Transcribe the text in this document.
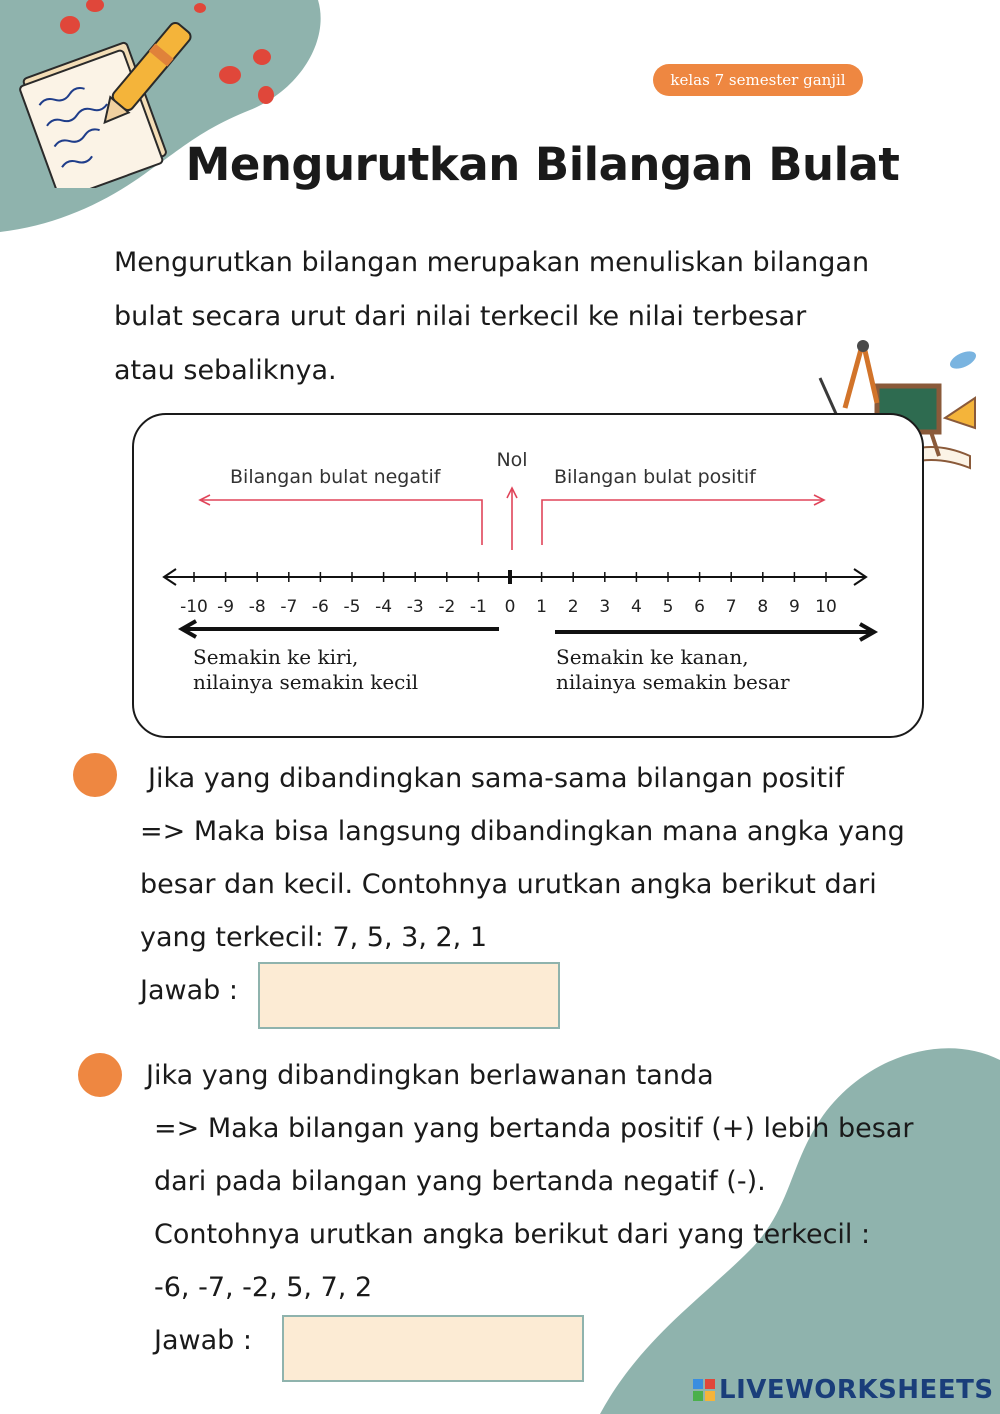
kelas 7 semester ganjil
Mengurutkan Bilangan Bulat

Mengurutkan bilangan merupakan menuliskan bilangan

bulat secara urut dari nilai terkecil ke nilai terbesar

atau sebaliknya.

Nol
Bilangan bulat negatif	Bilangan bulat positif
-10 -9 -8 -7 -6 -5 -4 -3 -2 -1 0 1 2 3 4 5 6 7 8 9 10

Semakin ke kiri,

nilainya semakin kecil

Semakin ke kanan,

nilainya semakin besar

Jika yang dibandingkan sama-sama bilangan positif

=> Maka bisa langsung dibandingkan mana angka yang

besar dan kecil. Contohnya urutkan angka berikut dari

yang terkecil: 7, 5, 3, 2, 1

Jawab :

Jika yang dibandingkan berlawanan tanda

=> Maka bilangan yang bertanda positif (+) lebih besar

dari pada bilangan yang bertanda negatif (-).

Contohnya urutkan angka berikut dari yang terkecil :

-6, -7, -2, 5, 7, 2

Jawab :

LIVEWORKSHEETS
